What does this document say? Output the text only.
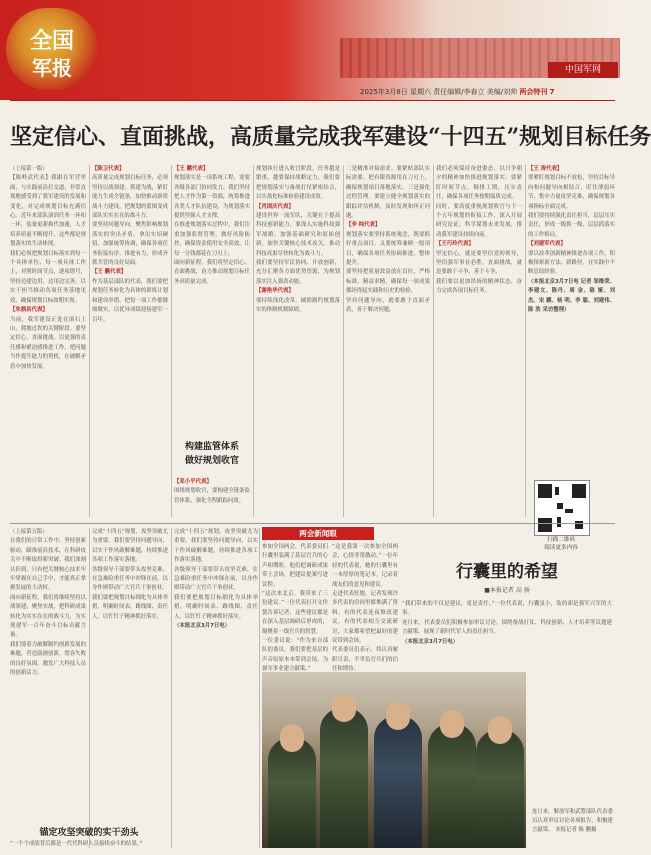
全国
军报	中国军网
2025年3月8日 星期六 责任编辑/李春立 美编/刘帅 两会特刊 7
坚定信心、直面挑战，高质量完成我军建设“十四五”规划目标任务
（上接第一版）
【陈岭武代表】我跟在军营里面，与实践前沿打交道，非常直观地感受到了我军建设的发展和变化，对完成规划目标充满信心。近年来部队演训任务一环扣一环，装备更新换代加速，人才培养质量不断提升，这些都是规划落实的生动体现。
我们必须把规划目标落实到每一个具体单位、每一项具体工作上，对照时间节点，逐项销号，坚持边建边用、边用边完善，以实干担当推动各项任务落地见效，确保规划目标如期实现。
【朱鼎昌代表】
当前，我军建设正处在滚石上山、爬坡过坎的关键阶段。要坚定信心、直面挑战，以更强的责任感和紧迫感推进工作，把问题当作提升能力的契机，在破解矛盾中加快发展。
【陈卫代表】
高质量完成规划目标任务，必须坚持以战领建、抓建为战，紧盯能力生成全链条，加快推动新质战斗力建设，把规划的蓝图变成部队实实在在的战斗力。
要坚持问题导向，聚焦影响规划落实的突出矛盾，拿出实招硬招，加强统筹协调，确保各项任务衔接有序、推进有力，形成齐抓共管的良好局面。
【王 鹏代表】
作为基层部队的代表，我们要把规划任务转化为具体的训练计划和建设举措，把每一项工作都做细做实，以优异成绩迎接建军一百年。
【王 鹏代表】
规划落实是一项系统工程，需要各级各部门协同发力。我们坚持把人才作为第一资源，统筹推进各类人才队伍建设，为规划落实提供坚强人才支撑。
在推进规划落实过程中，我们注重加强监督管理，做好风险防控，确保资金使用安全高效，让每一分钱都花在刀刃上。
面向新征程，我们将坚定信心、直面挑战，奋力推动规划目标任务高质量完成。
构建监管体系
做好规划收官
【邓小平代表】
围绕规划收官，要构建全链条监管体系，强化全程跟踪问效。
规划执行进入收官阶段，任务越是繁重，越要保持战略定力。我们要把规划落实与备战打仗紧密结合，以实战化标准检验建设成效。
【肖国庆代表】
建设世界一流军队，关键在于提高科技创新能力。要深入实施科技强军战略，加强基础研究和原始创新，加快关键核心技术攻关，推动科技成果尽快转化为战斗力。
我们要坚持军民协同、开放创新，充分汇聚各方面优势资源，为规划落实注入强劲动能。
【谢艳华代表】
要持续深化改革，破除制约规划落实的体制机制障碍。
二是精准对接需求。要紧贴部队实际需要，把有限资源用在刀刃上，确保规划项目落地落实。三是强化过程管理。要建立健全规划落实的跟踪评估机制，及时发现和纠正问题。
【李 纯代表】
规划落实要坚持系统观念，既要抓好重点项目，又要统筹兼顾一般项目，确保各项任务协调推进、整体提升。
要坚持把质量效益放在首位，严格标准，精益求精，确保每一项成果都经得起实践和历史的检验。
坚持问题导向，就要敢于直面矛盾，善于解决问题。
我们必须保持奋进姿态，以只争朝夕的精神加快推进规划落实。要紧盯时间节点，倒排工期，压实责任，确保各项任务按期保质完成。
同时，要高度重视规划收官与下一个五年规划的衔接工作，深入开展研究论证，科学谋划未来发展，推动我军建设持续向前。
【王巧玲代表】
坚定信心，就是要坚信党的领导，坚信强军事业必胜。直面挑战，就是要敢于斗争、善于斗争。
我们要以更加昂扬的精神状态，奋力完成各项目标任务。
【王 涛代表】
要紧盯规划目标不放松，坚持目标导向和问题导向相结合，盯住薄弱环节，集中力量攻坚克难，确保规划各项指标全面完成。
我们要持续强化责任担当，层层压实责任，形成一级抓一级、层层抓落实的工作格局。
【刘建军代表】
要以改革创新精神推进各项工作，积极探索新方法、新路径，在实践中不断总结经验。
（本报北京3月7日电 记者 邹维荣、李建文、陈丹、周 金、陈 娅、刘 杰、宋 鹏、杨 明、李 聪、刘建伟、陈 浩 采访整理）
扫描二维码
阅读更多内容
（上接第五版）
在我们的日常工作中，坚持创新驱动，瞄准前沿技术，在科研攻关中不断取得新突破。我们深刻认识到，只有把关键核心技术牢牢掌握在自己手中，才能真正掌握发展的主动权。
面向新征程，我们将继续坚持以战领建、聚焦实战，把科研成果转化为实实在在的战斗力，为实现建军一百年奋斗目标贡献力量。
我们要着力破解制约创新发展的难题，营造鼓励创新、宽容失败的良好氛围，激发广大科技人员的创新活力。
完成“十四五”规划，攻坚突破尤为重要。我们要坚持问题导向，以实干作风破解难题，持续推进各项工作落实落地。
各级领导干部要带头攻坚克难，在急难险重任务中冲锋在前，以身作则带动广大官兵干事创业。
我们要把规划目标细化为具体举措，明确时间表、路线图、责任人，以钉钉子精神抓好落实。
锚定攻坚突破的实干劲头
“一个个成绩背后都是一代代科研人员接续奋斗的结果。”
完成“十四五”规划，攻坚突破尤为重要。我们要坚持问题导向，以实干作风破解难题，持续推进各项工作落实落地。
各级领导干部要带头攻坚克难，在急难险重任务中冲锋在前，以身作则带动广大官兵干事创业。
我们要把规划目标细化为具体举措，明确时间表、路线图、责任人，以钉钉子精神抓好落实。
（本报北京3月7日电）
两会新闻眼
参加全国两会，代表委员们行囊里装满了基层官兵的心声和期盼。他们把调研成果带上会场，把建议提案写进议程。
“这次来北京，我带来了三份建议。”一位代表打开文件袋告诉记者，这些建议都是在深入基层调研后形成的，凝聚着一线官兵的智慧。
一位委员说：“作为来自部队的委员，我们要把基层的声音原原本本带到会场，为强军事业建言献策。”
“这是我第一次参加全国两会，心情非常激动。”一位年轻的代表说，她的行囊里有一本厚厚的笔记本，记录着战友们的意见和建议。
走进代表驻地，记者发现许多代表的房间里都堆满了资料。有的代表连夜修改建议，有的代表相互交流研讨，大家都希望把最好的建议带到会场。
代表委员们表示，将认真履职尽责，不辜负官兵们的信任和期待。
行囊里的希望
■本报记者 高 扬
“我们带来的不仅是建议，更是责任。”一位代表说，行囊虽小，装的却是强军兴军的大事。
连日来，代表委员们积极参加审议讨论，围绕备战打仗、科技创新、人才培养等议题建言献策，展现了新时代军人的责任担当。
（本报北京3月7日电）
连日来，解放军和武警部队代表委员认真审议讨论各项报告，积极建言献策。 本报记者 陈 鹏摄
